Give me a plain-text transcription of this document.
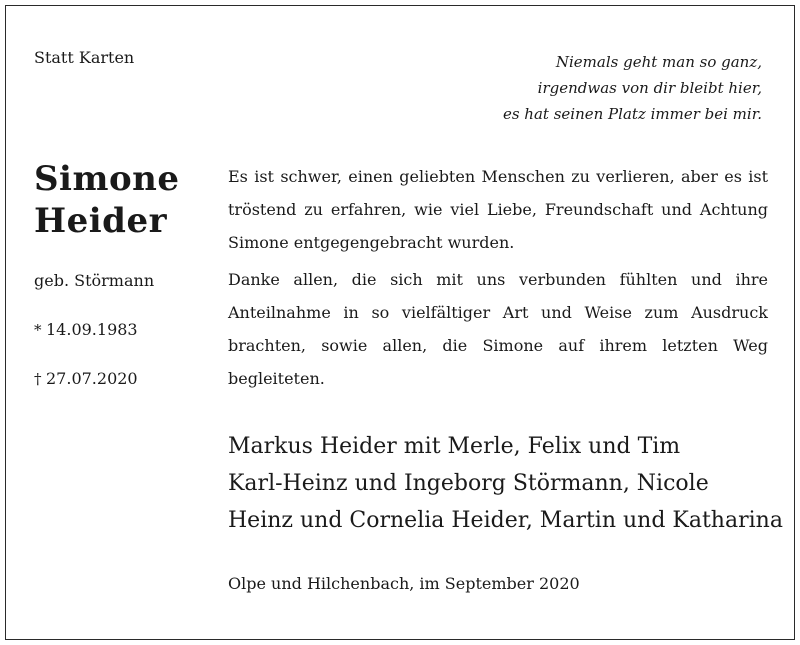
Statt Karten	Niemals geht man so ganz,
irgendwas von dir bleibt hier,
es hat seinen Platz immer bei mir.
Simone
Heider
geb. Störmann
* 14.09.1983
† 27.07.2020

Es ist schwer, einen geliebten Menschen zu verlieren, aber es ist tröstend zu erfahren, wie viel Liebe, Freundschaft und Achtung Simone entgegengebracht wurden.

Danke allen, die sich mit uns verbunden fühlten und ihre Anteilnahme in so vielfältiger Art und Weise zum Ausdruck brachten, sowie allen, die Simone auf ihrem letzten Weg begleiteten.

Markus Heider mit Merle, Felix und Tim
Karl-Heinz und Ingeborg Störmann, Nicole
Heinz und Cornelia Heider, Martin und Katharina
Olpe und Hilchenbach, im September 2020
